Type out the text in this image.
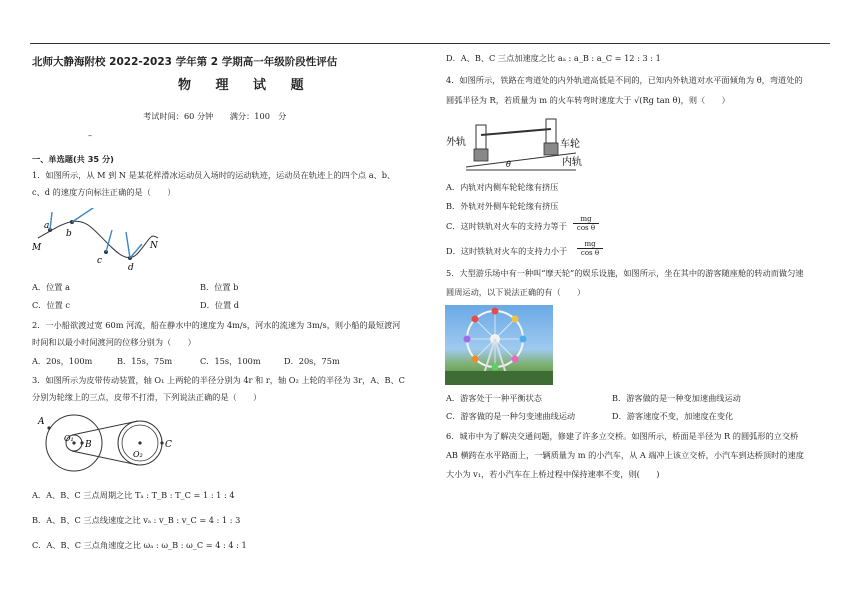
北师大静海附校 2022-2023 学年第 2 学期高一年级阶段性评估
物 理 试 题
考试时间：60 分钟　　满分：100　分
–
一、单选题(共 35 分)
1．如图所示，从 M 到 N 是某花样滑冰运动员入场时的运动轨迹，运动员在轨迹上的四个点 a、b、
c、d 的速度方向标注正确的是（　　）
a
b
c
d
M	N
A．位置 a	B．位置 b
C．位置 c	D．位置 d
2．一小船欲渡过宽 60m 河流，船在静水中的速度为 4m/s，河水的流速为 3m/s，则小船的最短渡河
时间和以最小时间渡河的位移分别为（　　）
A．20s，100m	B．15s，75m	C．15s，100m	D．20s，75m
3．如图所示为皮带传动装置，轴 O₁ 上两轮的半径分别为 4r 和 r，轴 O₂ 上轮的半径为 3r，A、B、C
分别为轮缘上的三点，皮带不打滑，下列说法正确的是（　　）
A
B	C
O₁
O₂
A．A、B、C 三点周期之比 Tₐ : T_B : T_C = 1 : 1 : 4
B．A、B、C 三点线速度之比 vₐ : v_B : v_C = 4 : 1 : 3
C．A、B、C 三点角速度之比 ωₐ : ω_B : ω_C = 4 : 4 : 1
D．A、B、C 三点加速度之比 aₐ : a_B : a_C = 12 : 3 : 1
4．如图所示，铁路在弯道处的内外轨道高低是不同的，已知内外轨道对水平面倾角为 θ，弯道处的
圆弧半径为 R，若质量为 m 的火车转弯时速度大于 √(Rg tan θ)，则（　　）
外轨	车轮
内轨
θ
A．内轨对内侧车轮轮缘有挤压
B．外轨对外侧车轮轮缘有挤压
C．这时铁轨对火车的支持力等于 $\frac{mg}{\text{cos θ}}$
D．这时铁轨对火车的支持力小于 $\frac{mg}{\text{cos θ}}$
5．大型游乐场中有一种叫“摩天轮”的娱乐设施，如图所示，坐在其中的游客随座舱的转动而做匀速
圆周运动，以下说法正确的有（　　）
A．游客处于一种平衡状态	B．游客做的是一种变加速曲线运动
C．游客做的是一种匀变速曲线运动	D．游客速度不变，加速度在变化
6．城市中为了解决交通问题，修建了许多立交桥。如图所示，桥面是半径为 R 的圆弧形的立交桥
AB 横跨在水平路面上，一辆质量为 m 的小汽车，从 A 端冲上该立交桥，小汽车到达桥顶时的速度
大小为 v₁，若小汽车在上桥过程中保持速率不变，则(　　)
